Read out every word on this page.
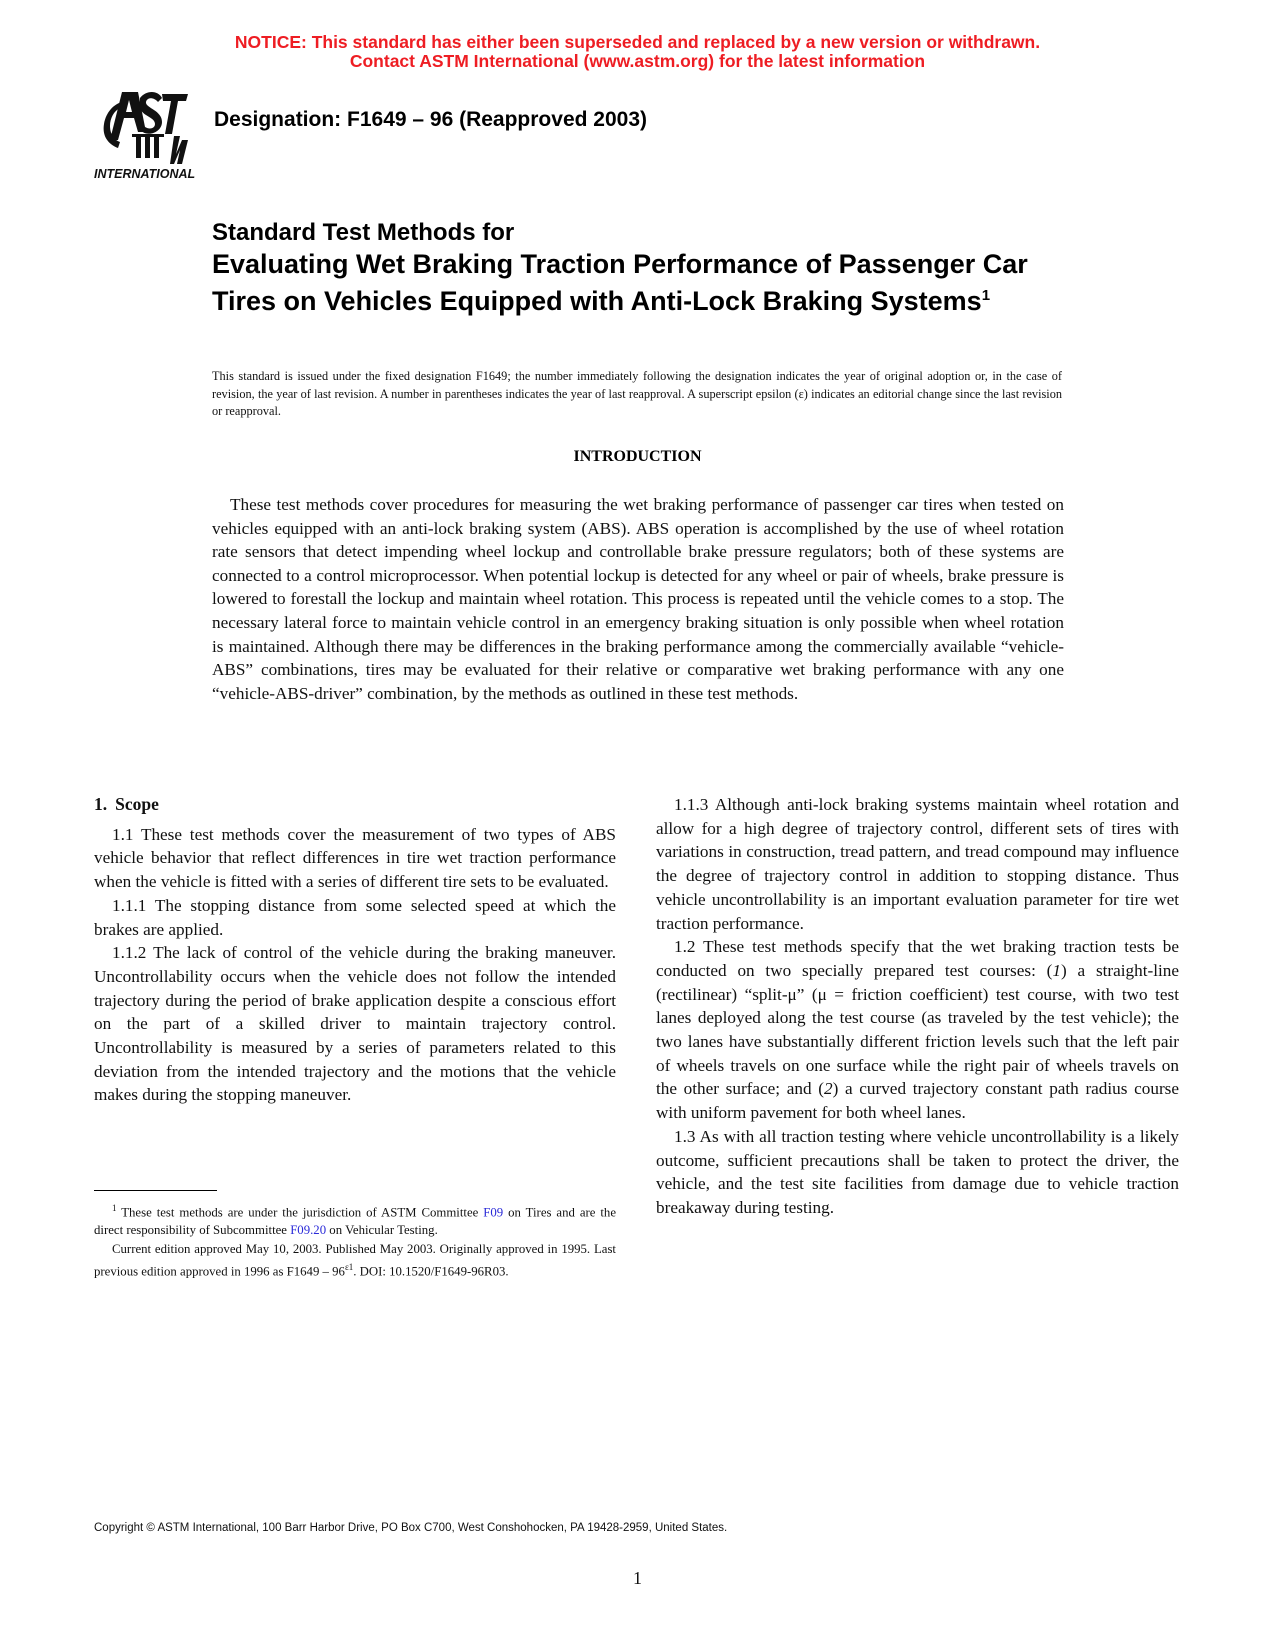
NOTICE: This standard has either been superseded and replaced by a new version or withdrawn.
Contact ASTM International (www.astm.org) for the latest information
INTERNATIONAL
Designation: F1649 – 96 (Reapproved 2003)
Standard Test Methods for
Evaluating Wet Braking Traction Performance of Passenger Car Tires on Vehicles Equipped with Anti-Lock Braking Systems$^1$
This standard is issued under the fixed designation F1649; the number immediately following the designation indicates the year of original adoption or, in the case of revision, the year of last revision. A number in parentheses indicates the year of last reapproval. A superscript epsilon (ε) indicates an editorial change since the last revision or reapproval.
INTRODUCTION

These test methods cover procedures for measuring the wet braking performance of passenger car tires when tested on vehicles equipped with an anti-lock braking system (ABS). ABS operation is accomplished by the use of wheel rotation rate sensors that detect impending wheel lockup and controllable brake pressure regulators; both of these systems are connected to a control microprocessor. When potential lockup is detected for any wheel or pair of wheels, brake pressure is lowered to forestall the lockup and maintain wheel rotation. This process is repeated until the vehicle comes to a stop. The necessary lateral force to maintain vehicle control in an emergency braking situation is only possible when wheel rotation is maintained. Although there may be differences in the braking performance among the commercially available “vehicle-ABS” combinations, tires may be evaluated for their relative or comparative wet braking performance with any one “vehicle-ABS-driver” combination, by the methods as outlined in these test methods.

1. Scope

1.1 These test methods cover the measurement of two types of ABS vehicle behavior that reflect differences in tire wet traction performance when the vehicle is fitted with a series of different tire sets to be evaluated.

1.1.1 The stopping distance from some selected speed at which the brakes are applied.

1.1.2 The lack of control of the vehicle during the braking maneuver. Uncontrollability occurs when the vehicle does not follow the intended trajectory during the period of brake application despite a conscious effort on the part of a skilled driver to maintain trajectory control. Uncontrollability is measured by a series of parameters related to this deviation from the intended trajectory and the motions that the vehicle makes during the stopping maneuver.

1.1.3 Although anti-lock braking systems maintain wheel rotation and allow for a high degree of trajectory control, different sets of tires with variations in construction, tread pattern, and tread compound may influence the degree of trajectory control in addition to stopping distance. Thus vehicle uncontrollability is an important evaluation parameter for tire wet traction performance.

1.2 These test methods specify that the wet braking traction tests be conducted on two specially prepared test courses: (1) a straight-line (rectilinear) “split-μ” (μ = friction coefficient) test course, with two test lanes deployed along the test course (as traveled by the test vehicle); the two lanes have substantially different friction levels such that the left pair of wheels travels on one surface while the right pair of wheels travels on the other surface; and (2) a curved trajectory constant path radius course with uniform pavement for both wheel lanes.

1.3 As with all traction testing where vehicle uncontrollability is a likely outcome, sufficient precautions shall be taken to protect the driver, the vehicle, and the test site facilities from damage due to vehicle traction breakaway during testing.

$^1$ These test methods are under the jurisdiction of ASTM Committee F09 on Tires and are the direct responsibility of Subcommittee F09.20 on Vehicular Testing.

Current edition approved May 10, 2003. Published May 2003. Originally approved in 1995. Last previous edition approved in 1996 as $F1649 - 96^{\varepsilon 1}$. DOI: 10.1520/F1649-96R03.

Copyright © ASTM International, 100 Barr Harbor Drive, PO Box C700, West Conshohocken, PA 19428-2959, United States.
1
